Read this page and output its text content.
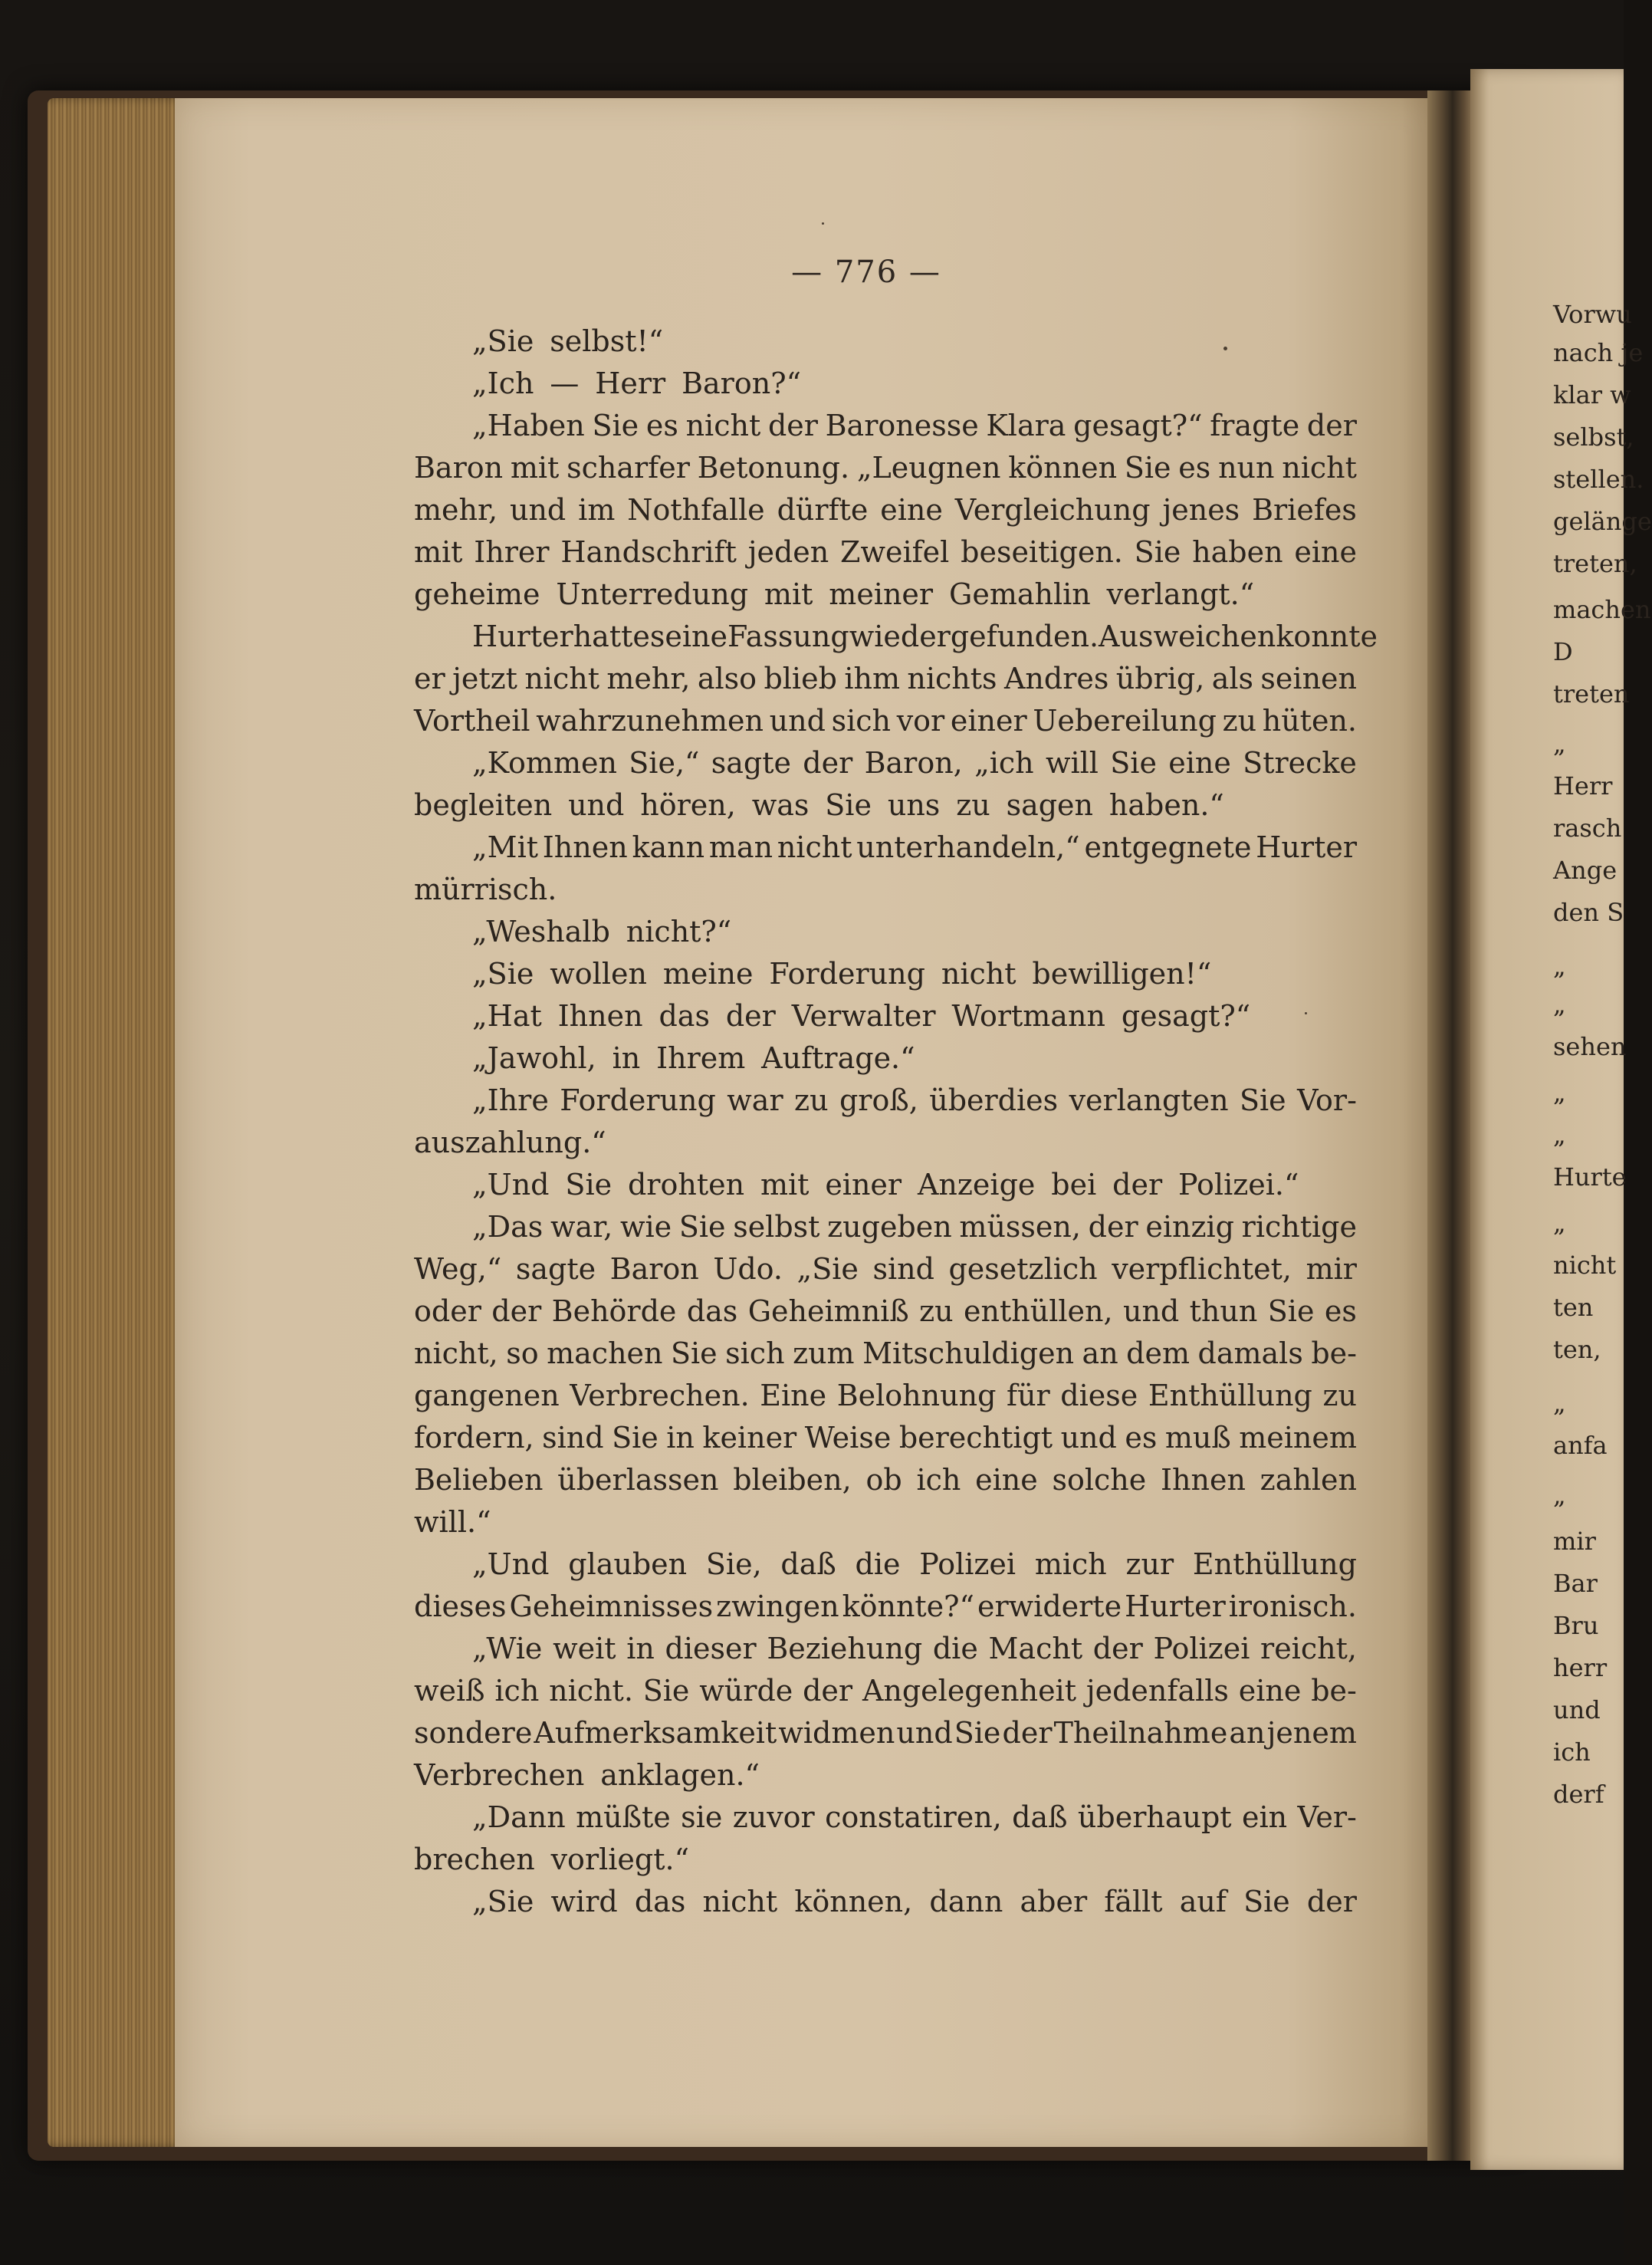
— 776 —
„Sie selbst!“
„Ich — Herr Baron?“
„Haben Sie es nicht der Baronesse Klara gesagt?“ fragte der
Baron mit scharfer Betonung. „Leugnen können Sie es nun nicht
mehr, und im Nothfalle dürfte eine Vergleichung jenes Briefes
mit Ihrer Handschrift jeden Zweifel beseitigen. Sie haben eine
geheime Unterredung mit meiner Gemahlin verlangt.“
Hurter hatte seine Fassung wiedergefunden. Ausweichen konnte
er jetzt nicht mehr, also blieb ihm nichts Andres übrig, als seinen
Vortheil wahrzunehmen und sich vor einer Uebereilung zu hüten.
„Kommen Sie,“ sagte der Baron, „ich will Sie eine Strecke
begleiten und hören, was Sie uns zu sagen haben.“
„Mit Ihnen kann man nicht unterhandeln,“ entgegnete Hurter
mürrisch.
„Weshalb nicht?“
„Sie wollen meine Forderung nicht bewilligen!“
„Hat Ihnen das der Verwalter Wortmann gesagt?“
„Jawohl, in Ihrem Auftrage.“
„Ihre Forderung war zu groß, überdies verlangten Sie Vor-
auszahlung.“
„Und Sie drohten mit einer Anzeige bei der Polizei.“
„Das war, wie Sie selbst zugeben müssen, der einzig richtige
Weg,“ sagte Baron Udo. „Sie sind gesetzlich verpflichtet, mir
oder der Behörde das Geheimniß zu enthüllen, und thun Sie es
nicht, so machen Sie sich zum Mitschuldigen an dem damals be-
gangenen Verbrechen. Eine Belohnung für diese Enthüllung zu
fordern, sind Sie in keiner Weise berechtigt und es muß meinem
Belieben überlassen bleiben, ob ich eine solche Ihnen zahlen
will.“
„Und glauben Sie, daß die Polizei mich zur Enthüllung
dieses Geheimnisses zwingen könnte?“ erwiderte Hurter ironisch.
„Wie weit in dieser Beziehung die Macht der Polizei reicht,
weiß ich nicht. Sie würde der Angelegenheit jedenfalls eine be-
sondere Aufmerksamkeit widmen und Sie der Theilnahme an jenem
Verbrechen anklagen.“
„Dann müßte sie zuvor constatiren, daß überhaupt ein Ver-
brechen vorliegt.“
„Sie wird das nicht können, dann aber fällt auf Sie der
Vorwu
nach je
klar w
selbst,
stellen.
gelänge
treten,
machen
D
treten
„
Herr
rasch
Ange
den S
„
„
sehen
„
„
Hurte
„
nicht
ten
ten,
„
anfa
„
mir
Bar
Bru
herr
und
ich
derf
